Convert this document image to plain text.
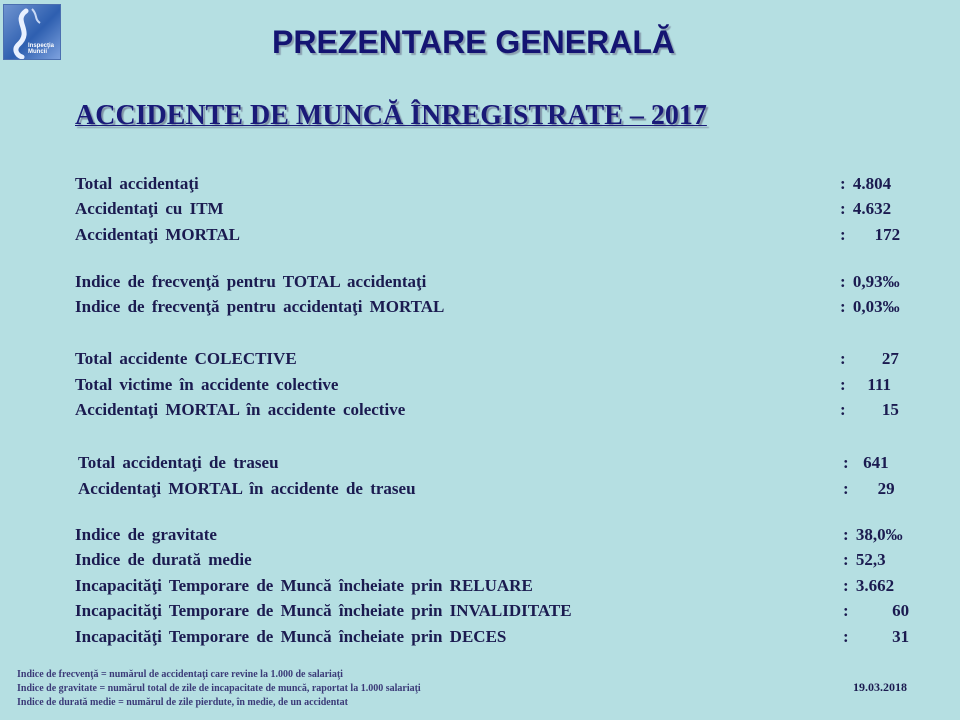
Inspecţia
Muncii	PREZENTARE GENERALĂ
ACCIDENTE DE MUNCĂ ÎNREGISTRATE – 2017
Total accidentaţi	: 4.804
Accidentaţi cu ITM	: 4.632
Accidentaţi MORTAL	:    172
Indice de frecvenţă pentru TOTAL accidentaţi	: 0,93‰
Indice de frecvenţă pentru accidentaţi MORTAL	: 0,03‰
Total accidente COLECTIVE	:     27
Total victime în accidente colective	:   111
Accidentaţi MORTAL în accidente colective	:     15
Total accidentaţi de traseu	:  641
Accidentaţi MORTAL în accidente de traseu	:    29
Indice de gravitate	: 38,0‰
Indice de durată medie	: 52,3
Incapacităţi Temporare de Muncă încheiate prin RELUARE	: 3.662
Incapacităţi Temporare de Muncă încheiate prin INVALIDITATE	:      60
Incapacităţi Temporare de Muncă încheiate prin DECES	:      31
Indice de frecvenţă = numărul de accidentaţi care revine la 1.000 de salariaţi
Indice de gravitate = numărul total de zile de incapacitate de muncă, raportat la 1.000 salariaţi
Indice de durată medie = numărul de zile pierdute, în medie, de un accidentat
19.03.2018
